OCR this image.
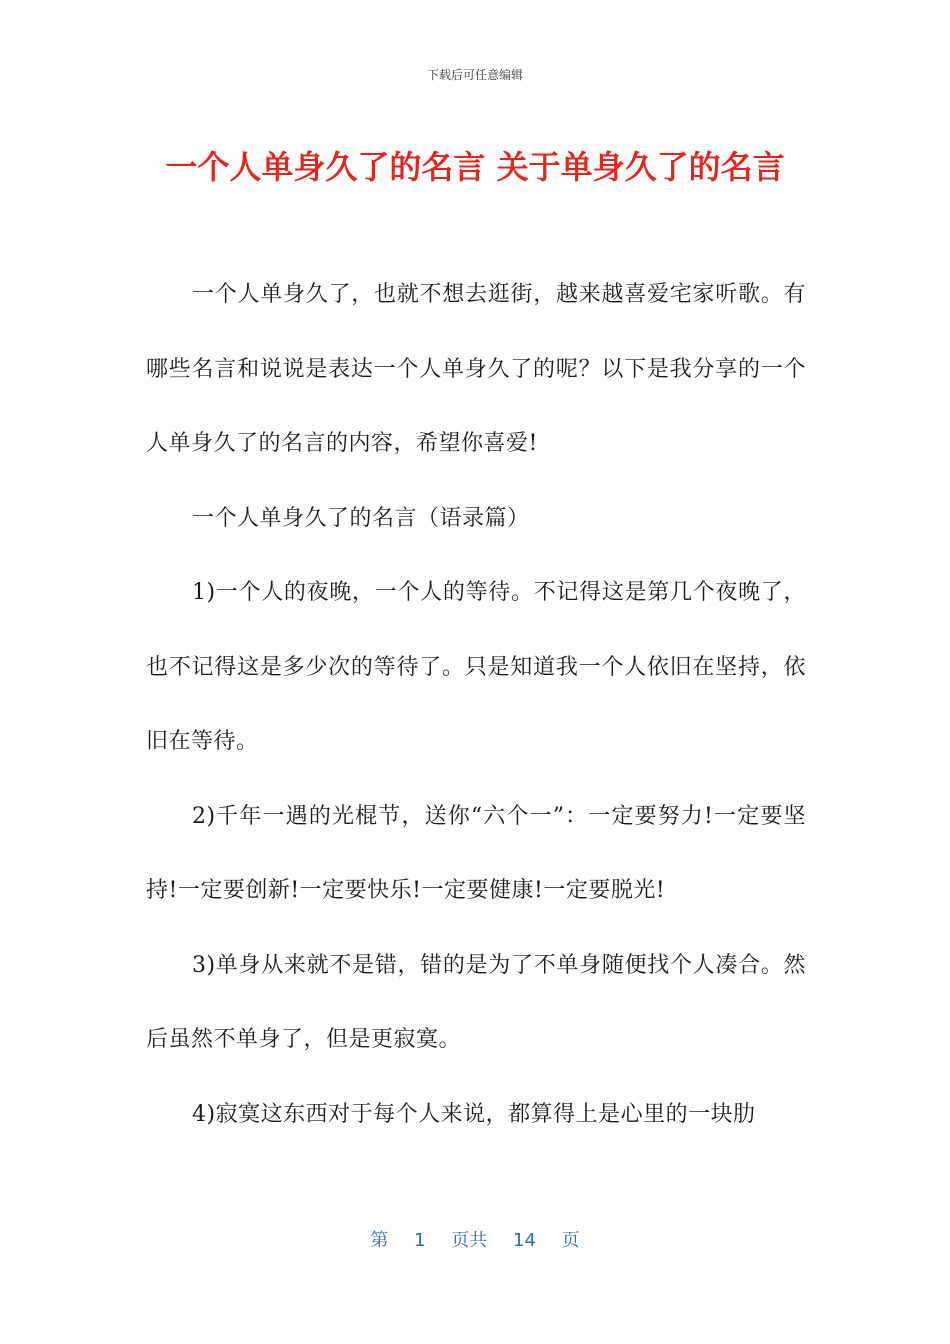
下载后可任意编辑
一个人单身久了的名言 关于单身久了的名言

一个人单身久了，也就不想去逛街，越来越喜爱宅家听歌。有哪些名言和说说是表达一个人单身久了的呢？以下是我分享的一个人单身久了的名言的内容，希望你喜爱!

一个人单身久了的名言（语录篇）

1)一个人的夜晚，一个人的等待。不记得这是第几个夜晚了，也不记得这是多少次的等待了。只是知道我一个人依旧在坚持，依旧在等待。

2)千年一遇的光棍节，送你“六个一”：一定要努力!一定要坚持!一定要创新!一定要快乐!一定要健康!一定要脱光!

3)单身从来就不是错，错的是为了不单身随便找个人凑合。然后虽然不单身了，但是更寂寞。

4)寂寞这东西对于每个人来说，都算得上是心里的一块肋

第 1 页共 14 页
